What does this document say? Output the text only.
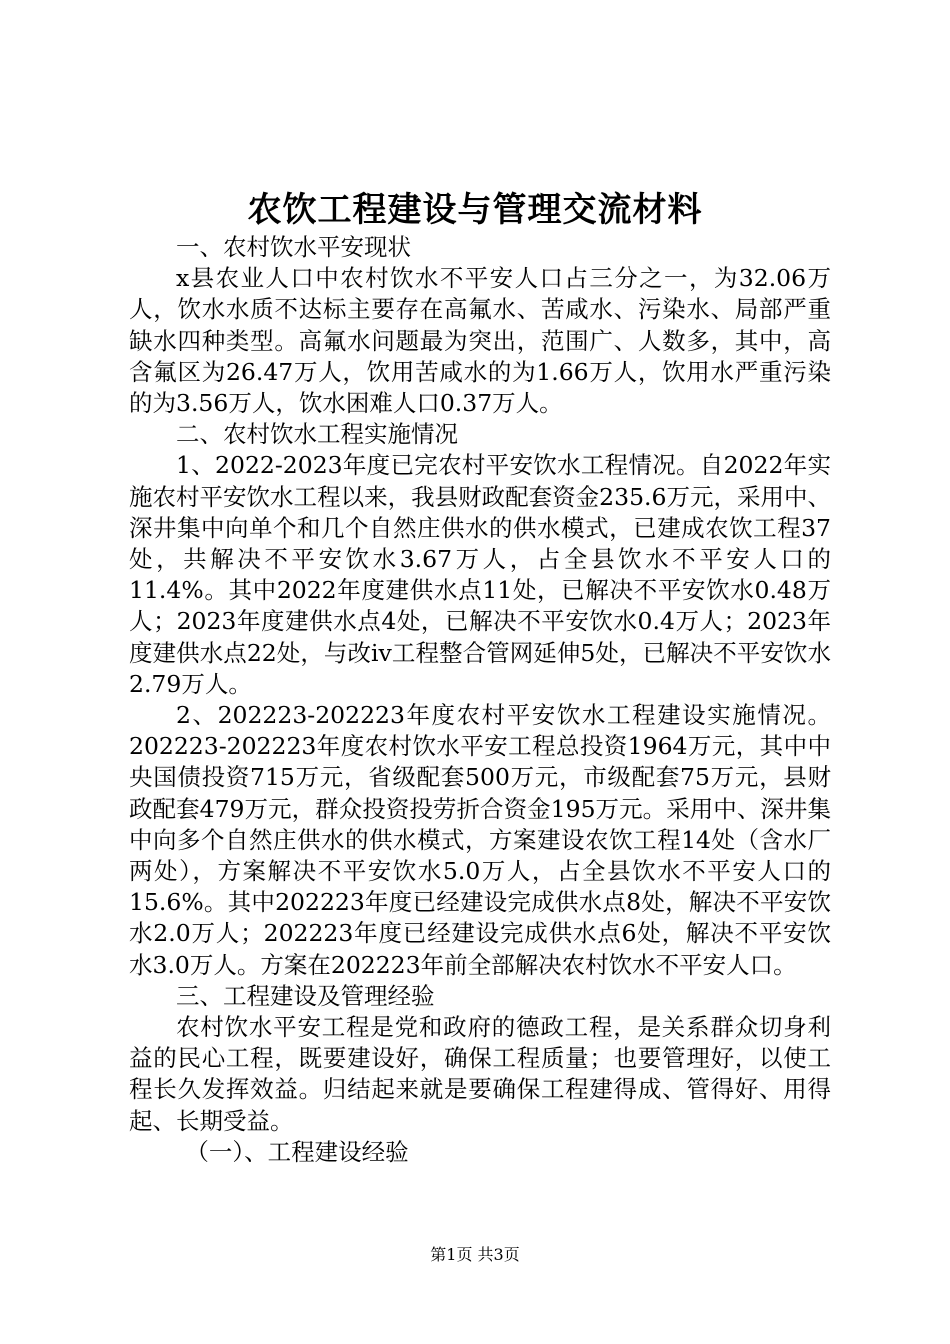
农饮工程建设与管理交流材料

一、农村饮水平安现状

x县农业人口中农村饮水不平安人口占三分之一，为32.06万人，饮水水质不达标主要存在高氟水、苦咸水、污染水、局部严重缺水四种类型。高氟水问题最为突出，范围广、人数多，其中，高含氟区为26.47万人，饮用苦咸水的为1.66万人，饮用水严重污染的为3.56万人，饮水困难人口0.37万人。

二、农村饮水工程实施情况

1、2022-2023年度已完农村平安饮水工程情况。自2022年实施农村平安饮水工程以来，我县财政配套资金235.6万元，采用中、深井集中向单个和几个自然庄供水的供水模式，已建成农饮工程37处，共解决不平安饮水3.67万人，占全县饮水不平安人口的11.4%。其中2022年度建供水点11处，已解决不平安饮水0.48万人；2023年度建供水点4处，已解决不平安饮水0.4万人；2023年度建供水点22处，与改iv工程整合管网延伸5处，已解决不平安饮水2.79万人。

2、202223-202223年度农村平安饮水工程建设实施情况。202223-202223年度农村饮水平安工程总投资1964万元，其中中央国债投资715万元，省级配套500万元，市级配套75万元，县财政配套479万元，群众投资投劳折合资金195万元。采用中、深井集中向多个自然庄供水的供水模式，方案建设农饮工程14处（含水厂两处），方案解决不平安饮水5.0万人，占全县饮水不平安人口的15.6%。其中202223年度已经建设完成供水点8处，解决不平安饮水2.0万人；202223年度已经建设完成供水点6处，解决不平安饮水3.0万人。方案在202223年前全部解决农村饮水不平安人口。

三、工程建设及管理经验

农村饮水平安工程是党和政府的德政工程，是关系群众切身利益的民心工程，既要建设好，确保工程质量；也要管理好，以使工程长久发挥效益。归结起来就是要确保工程建得成、管得好、用得起、长期受益。

（一）、工程建设经验

第1页 共3页
